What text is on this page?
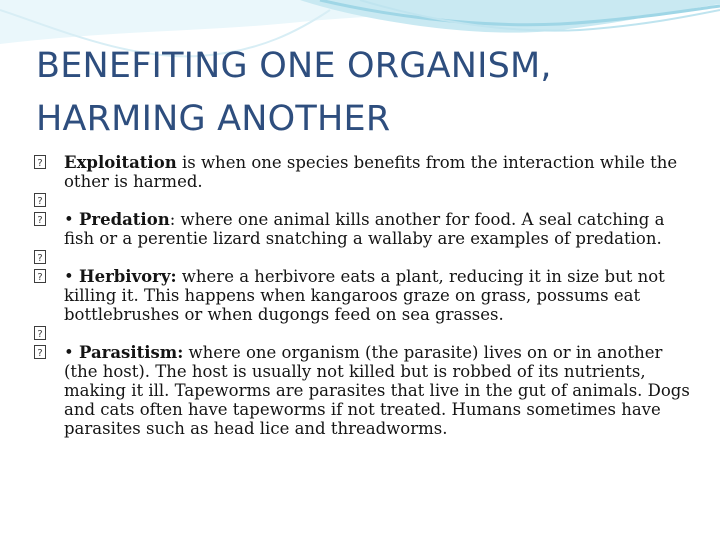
BENEFITING ONE ORGANISM,
HARMING ANOTHER

?
Exploitation is when one species benefits from the interaction while the other is harmed.

?

?
• Predation: where one animal kills another for food. A seal catching a fish or a perentie lizard snatching a wallaby are examples of predation.

?

?
• Herbivory: where a herbivore eats a plant, reducing it in size but not killing it. This happens when kangaroos graze on grass, possums eat bottlebrushes or when dugongs feed on sea grasses.

?

?
• Parasitism: where one organism (the parasite) lives on or in another (the host). The host is usually not killed but is robbed of its nutrients, making it ill. Tapeworms are parasites that live in the gut of animals. Dogs and cats often have tapeworms if not treated. Humans sometimes have parasites such as head lice and threadworms.
